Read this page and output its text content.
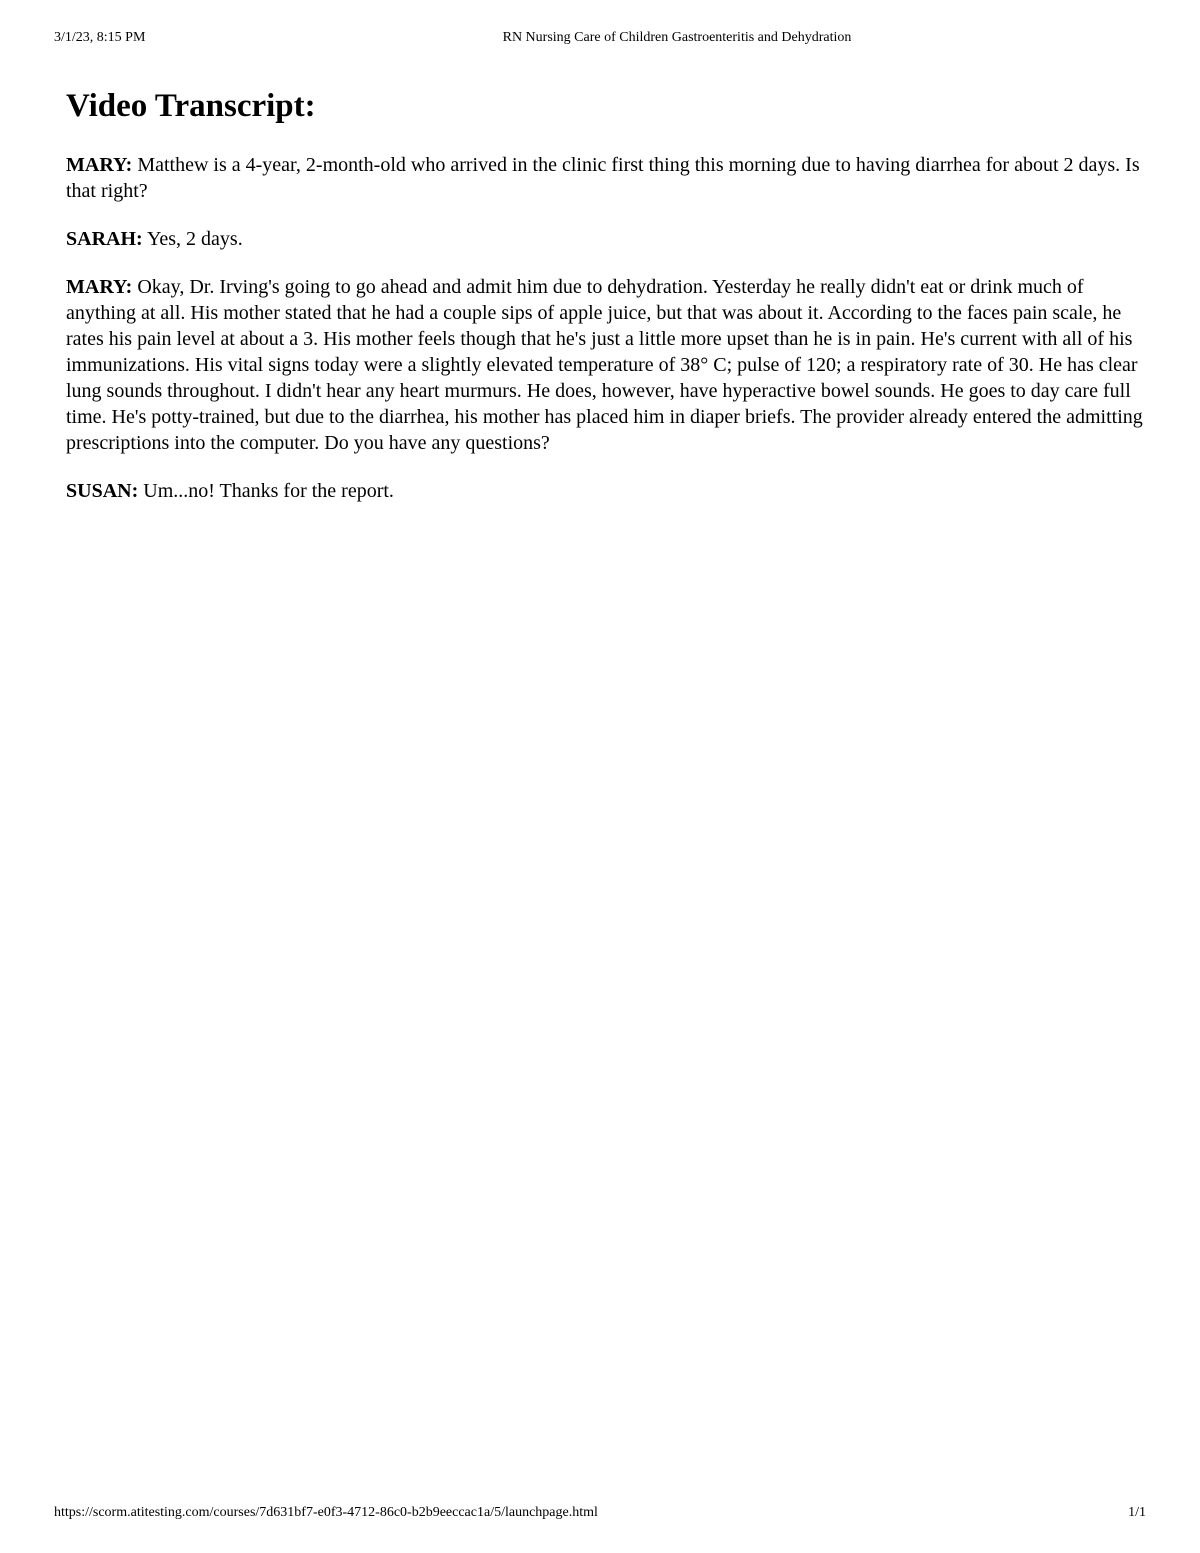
3/1/23, 8:15 PM	RN Nursing Care of Children Gastroenteritis and Dehydration
Video Transcript:

MARY: Matthew is a 4-year, 2-month-old who arrived in the clinic first thing this morning due to having diarrhea for about 2 days. Is that right?

SARAH: Yes, 2 days.

MARY: Okay, Dr. Irving's going to go ahead and admit him due to dehydration. Yesterday he really didn't eat or drink much of anything at all. His mother stated that he had a couple sips of apple juice, but that was about it. According to the faces pain scale, he rates his pain level at about a 3. His mother feels though that he's just a little more upset than he is in pain. He's current with all of his immunizations. His vital signs today were a slightly elevated temperature of 38° C; pulse of 120; a respiratory rate of 30. He has clear lung sounds throughout. I didn't hear any heart murmurs. He does, however, have hyperactive bowel sounds. He goes to day care full time. He's potty-trained, but due to the diarrhea, his mother has placed him in diaper briefs. The provider already entered the admitting prescriptions into the computer. Do you have any questions?

SUSAN: Um...no! Thanks for the report.

https://scorm.atitesting.com/courses/7d631bf7-e0f3-4712-86c0-b2b9eeccac1a/5/launchpage.html	1/1
